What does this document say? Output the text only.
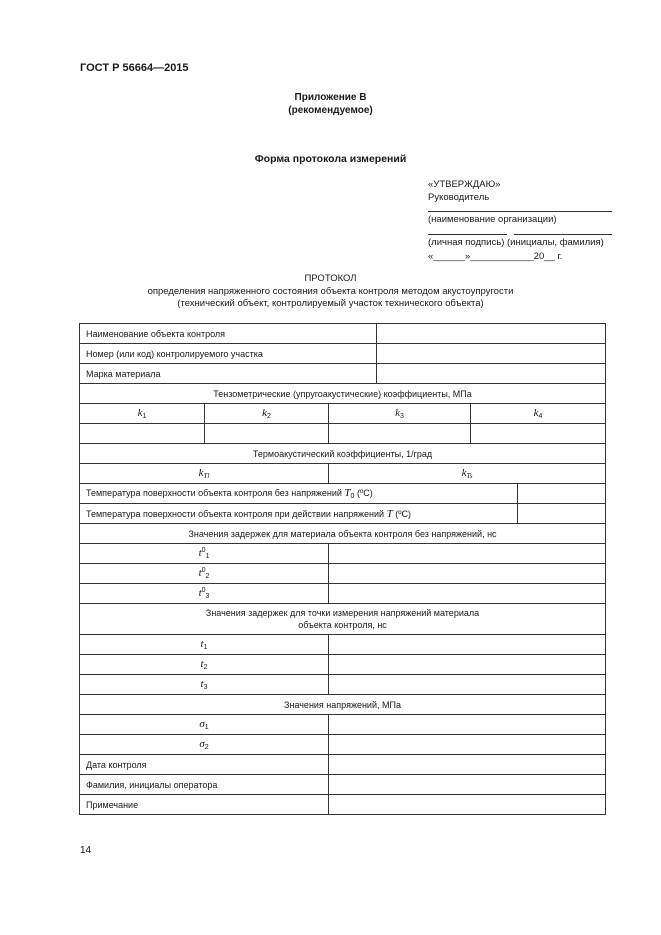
ГОСТ Р 56664—2015
Приложение В
(рекомендуемое)
Форма протокола измерений
«УТВЕРЖДАЮ»
Руководитель
(наименование организации)
(личная подпись) (инициалы, фамилия)
«______»____________20__ г.
ПРОТОКОЛ
определения напряженного состояния объекта контроля методом акустоупругости
(технический объект, контролируемый участок технического объекта)
Наименование объекта контроля					
Номер (или код) контролируемого участка					
Марка материала					
Тензометрические (упругоакустические) коэффициенты, МПа					
$k_1$	$k_2$	$k_3$		$k_4$

Термоакустический коэффициенты, 1/град					
$k_{Tl}$		$k_{Ts}$
Температура поверхности объекта контроля без напряжений $T_0$ (ºC)					
Температура поверхности объекта контроля при действии напряжений T (ºC)					
Значения задержек для материала объекта контроля без напряжений, нс					
$t^0_1$	
$t^0_2$	
$t^0_3$	
Значения задержек для точки измерения напряжений материала
объекта контроля, нс					
$t_1$	
$t_2$	
$t_3$	
Значения напряжений, МПа					
$\sigma_1$	
$\sigma_2$	
Дата контроля					
Фамилия, инициалы оператора					
Примечание					
14
